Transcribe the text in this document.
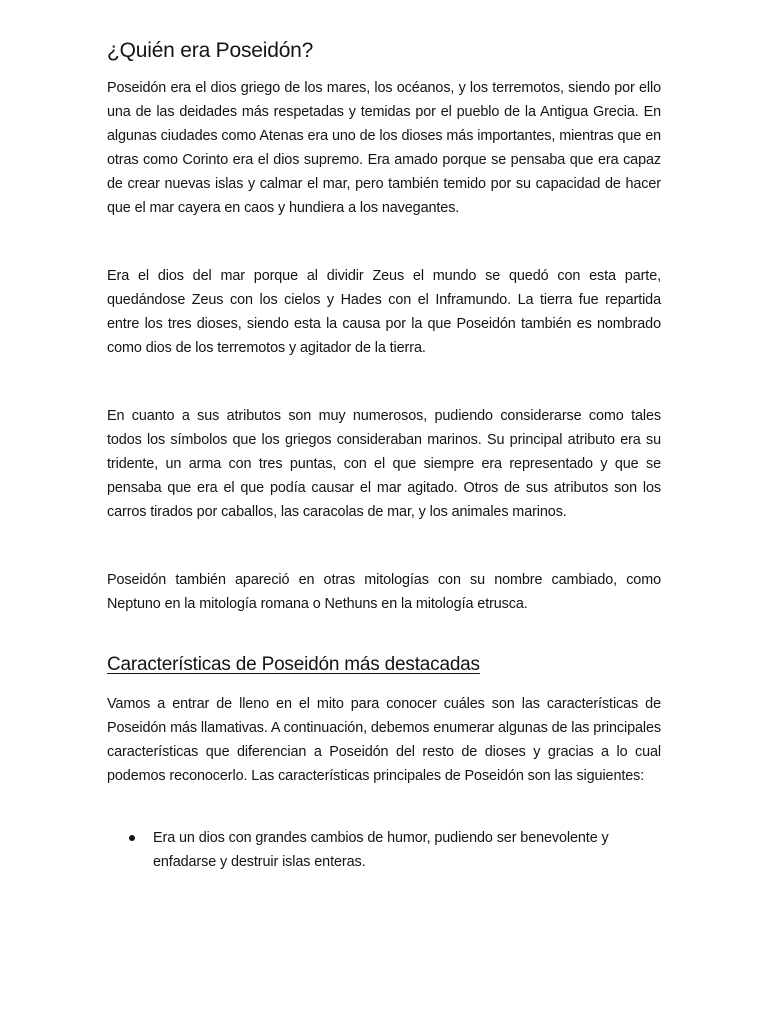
¿Quién era Poseidón?

Poseidón era el dios griego de los mares, los océanos, y los terremotos, siendo por ello una de las deidades más respetadas y temidas por el pueblo de la Antigua Grecia. En algunas ciudades como Atenas era uno de los dioses más importantes, mientras que en otras como Corinto era el dios supremo. Era amado porque se pensaba que era capaz de crear nuevas islas y calmar el mar, pero también temido por su capacidad de hacer que el mar cayera en caos y hundiera a los navegantes.

Era el dios del mar porque al dividir Zeus el mundo se quedó con esta parte, quedándose Zeus con los cielos y Hades con el Inframundo. La tierra fue repartida entre los tres dioses, siendo esta la causa por la que Poseidón también es nombrado como dios de los terremotos y agitador de la tierra.

En cuanto a sus atributos son muy numerosos, pudiendo considerarse como tales todos los símbolos que los griegos consideraban marinos. Su principal atributo era su tridente, un arma con tres puntas, con el que siempre era representado y que se pensaba que era el que podía causar el mar agitado. Otros de sus atributos son los carros tirados por caballos, las caracolas de mar, y los animales marinos.

Poseidón también apareció en otras mitologías con su nombre cambiado, como Neptuno en la mitología romana o Nethuns en la mitología etrusca.

Características de Poseidón más destacadas

Vamos a entrar de lleno en el mito para conocer cuáles son las características de Poseidón más llamativas. A continuación, debemos enumerar algunas de las principales características que diferencian a Poseidón del resto de dioses y gracias a lo cual podemos reconocerlo. Las características principales de Poseidón son las siguientes:

Era un dios con grandes cambios de humor, pudiendo ser benevolente y enfadarse y destruir islas enteras.
